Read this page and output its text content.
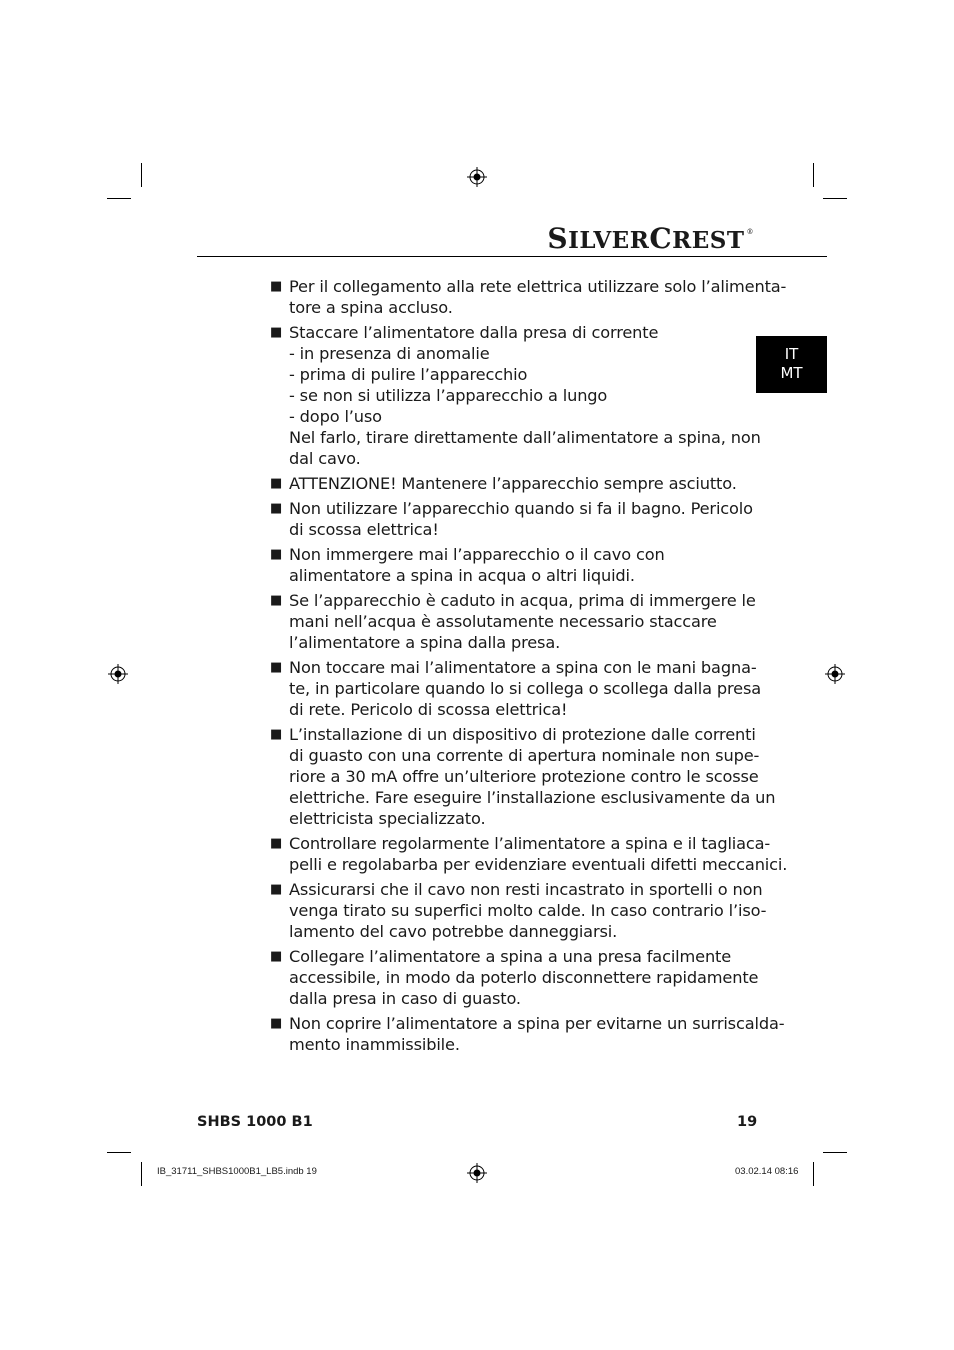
SILVERCREST ®
IT
MT
■
Per il collegamento alla rete elettrica utilizzare solo l’alimenta-
tore a spina accluso.
■
Staccare l’alimentatore dalla presa di corrente
- in presenza di anomalie
- prima di pulire l’apparecchio
- se non si utilizza l’apparecchio a lungo
- dopo l’uso
Nel farlo, tirare direttamente dall’alimentatore a spina, non
dal cavo.
■
ATTENZIONE! Mantenere l’apparecchio sempre asciutto.
■
Non utilizzare l’apparecchio quando si fa il bagno. Pericolo
di scossa elettrica!
■
Non immergere mai l’apparecchio o il cavo con
alimentatore a spina in acqua o altri liquidi.
■
Se l’apparecchio è caduto in acqua, prima di immergere le
mani nell’acqua è assolutamente necessario staccare
l’alimentatore a spina dalla presa.
■
Non toccare mai l’alimentatore a spina con le mani bagna-
te, in particolare quando lo si collega o scollega dalla presa
di rete. Pericolo di scossa elettrica!
■
L’installazione di un dispositivo di protezione dalle correnti
di guasto con una corrente di apertura nominale non supe-
riore a 30 mA offre un’ulteriore protezione contro le scosse
elettriche. Fare eseguire l’installazione esclusivamente da un
elettricista specializzato.
■
Controllare regolarmente l’alimentatore a spina e il tagliaca-
pelli e regolabarba per evidenziare eventuali difetti meccanici.
■
Assicurarsi che il cavo non resti incastrato in sportelli o non
venga tirato su superfici molto calde. In caso contrario l’iso-
lamento del cavo potrebbe danneggiarsi.
■
Collegare l’alimentatore a spina a una presa facilmente
accessibile, in modo da poterlo disconnettere rapidamente
dalla presa in caso di guasto.
■
Non coprire l’alimentatore a spina per evitarne un surriscalda-
mento inammissibile.
SHBS 1000 B1	19
IB_31711_SHBS1000B1_LB5.indb 19	03.02.14 08:16
